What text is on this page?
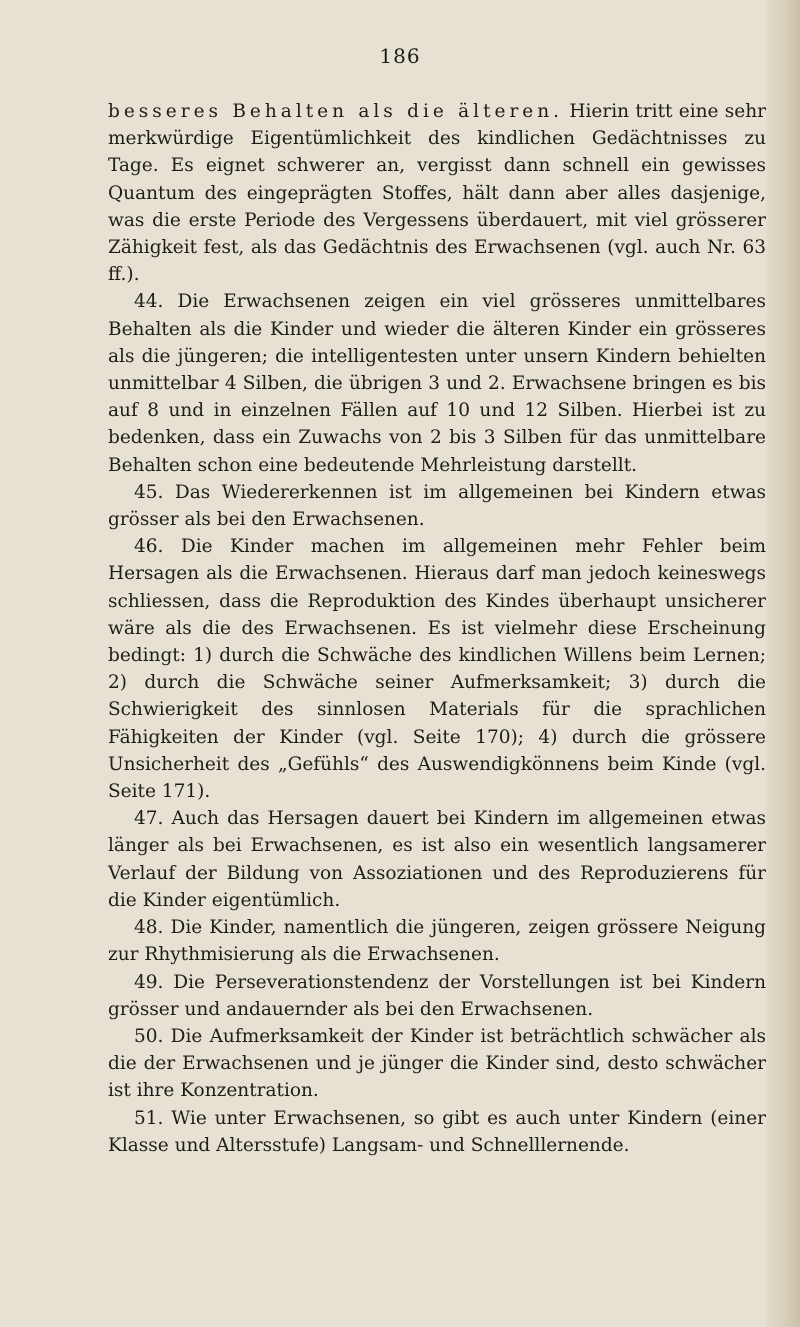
186

besseres Behalten als die älteren. Hierin tritt eine sehr merkwürdige Eigentümlichkeit des kindlichen Gedächtnisses zu Tage. Es eignet schwerer an, vergisst dann schnell ein gewisses Quantum des eingeprägten Stoffes, hält dann aber alles dasjenige, was die erste Periode des Vergessens überdauert, mit viel grösserer Zähigkeit fest, als das Gedächtnis des Erwachsenen (vgl. auch Nr. 63 ff.).

44. Die Erwachsenen zeigen ein viel grösseres unmittelbares Behalten als die Kinder und wieder die älteren Kinder ein grösseres als die jüngeren; die intelligentesten unter unsern Kindern behielten unmittelbar 4 Silben, die übrigen 3 und 2. Erwachsene bringen es bis auf 8 und in einzelnen Fällen auf 10 und 12 Silben. Hierbei ist zu bedenken, dass ein Zuwachs von 2 bis 3 Silben für das unmittelbare Behalten schon eine bedeutende Mehrleistung darstellt.

45. Das Wiedererkennen ist im allgemeinen bei Kindern etwas grösser als bei den Erwachsenen.

46. Die Kinder machen im allgemeinen mehr Fehler beim Hersagen als die Erwachsenen. Hieraus darf man jedoch keineswegs schliessen, dass die Reproduktion des Kindes überhaupt unsicherer wäre als die des Erwachsenen. Es ist vielmehr diese Erscheinung bedingt: 1) durch die Schwäche des kindlichen Willens beim Lernen; 2) durch die Schwäche seiner Aufmerksamkeit; 3) durch die Schwierigkeit des sinnlosen Materials für die sprachlichen Fähigkeiten der Kinder (vgl. Seite 170); 4) durch die grössere Unsicherheit des „Gefühls“ des Auswendigkönnens beim Kinde (vgl. Seite 171).

47. Auch das Hersagen dauert bei Kindern im allgemeinen etwas länger als bei Erwachsenen, es ist also ein wesentlich langsamerer Verlauf der Bildung von Assoziationen und des Reproduzierens für die Kinder eigentümlich.

48. Die Kinder, namentlich die jüngeren, zeigen grössere Neigung zur Rhythmisierung als die Erwachsenen.

49. Die Perseverationstendenz der Vorstellungen ist bei Kindern grösser und andauernder als bei den Erwachsenen.

50. Die Aufmerksamkeit der Kinder ist beträchtlich schwächer als die der Erwachsenen und je jünger die Kinder sind, desto schwächer ist ihre Konzentration.

51. Wie unter Erwachsenen, so gibt es auch unter Kindern (einer Klasse und Altersstufe) Langsam- und Schnelllernende.
